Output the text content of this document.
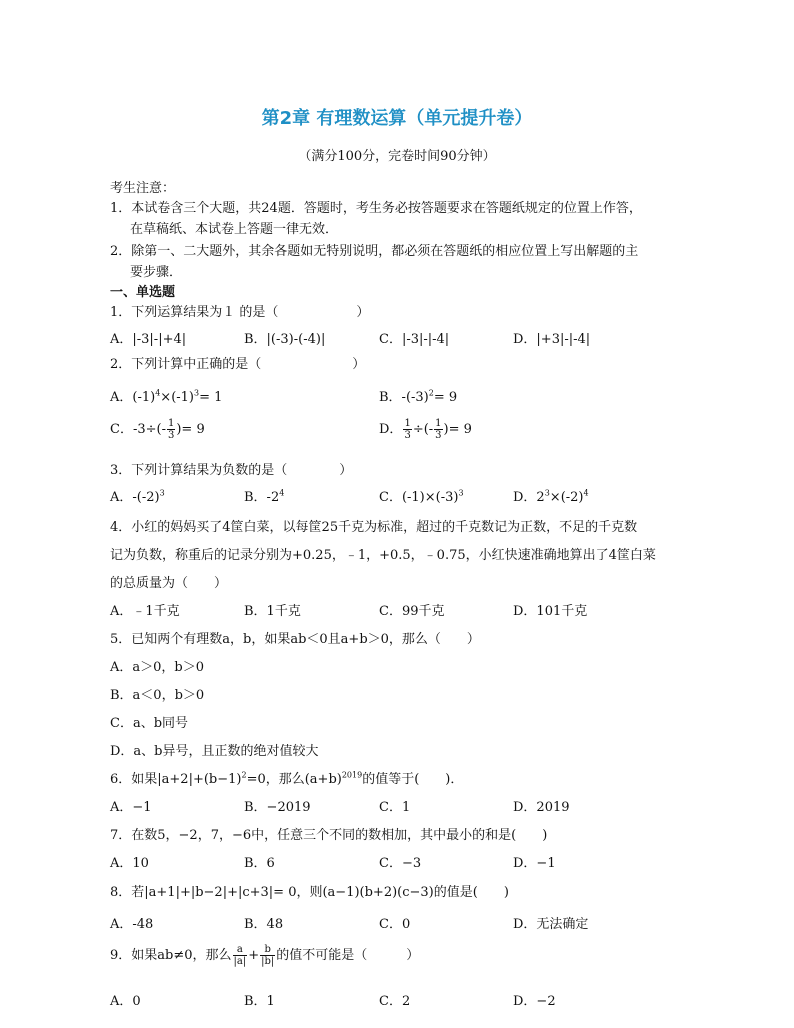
第2章 有理数运算（单元提升卷）
（满分100分，完卷时间90分钟）
考生注意：
1．本试卷含三个大题，共24题．答题时，考生务必按答题要求在答题纸规定的位置上作答，
在草稿纸、本试卷上答题一律无效．
2．除第一、二大题外，其余各题如无特别说明，都必须在答题纸的相应位置上写出解题的主
要步骤．
一、单选题
1．下列运算结果为１ 的是（　　　　　　）
A．|-3|-|+4|	B．|(-3)-(-4)|	C．|-3|-|-4|	D．|+3|-|-4|
2．下列计算中正确的是（　　　　　　　）
A．$(-1)^4\times(-1)^3= 1$	B．$-(-3)^2= 9$
C．$-3\div(- \frac{1}{3}$ )= 9	D． $\frac{1}{3}$ ÷(- $\frac{1}{3}$ )= 9
3．下列计算结果为负数的是（　　　　）
A．$-(-2)^3$	B．$-2^4$	C．$(-1)\times(-3)^3$	D．$2^3\times(-2)^4$
4．小红的妈妈买了4筐白菜，以每筐25千克为标准，超过的千克数记为正数，不足的千克数
记为负数，称重后的记录分别为+0.25，﹣1，+0.5，﹣0.75，小红快速准确地算出了4筐白菜
的总质量为（　　）
A．﹣1千克	B．1千克	C．99千克	D．101千克
5．已知两个有理数a，b，如果ab＜0且a+b＞0，那么（　　）
A．a＞0，b＞0
B．a＜0，b＞0
C．a、b同号
D．a、b异号，且正数的绝对值较大
6．如果$|a+2|+(b-1)^2=0$，那么$(a+b)^{2019}$的值等于(　　)．
A．−1	B．−2019	C．1	D．2019
7．在数5，−2，7，−6中，任意三个不同的数相加，其中最小的和是(　　)
A．10	B．6	C．−3	D．−1
8．若|a+1|+|b−2|+|c+3|= 0，则(a−1)(b+2)(c−3)的值是(　　)
A．-48	B．48	C．0	D．无法确定
9．如果ab≠0，那么 $\frac{a}{|a|} + \frac{b}{|b|}$ 的值不可能是（　　　）
A．0	B．1	C．2	D．−2
